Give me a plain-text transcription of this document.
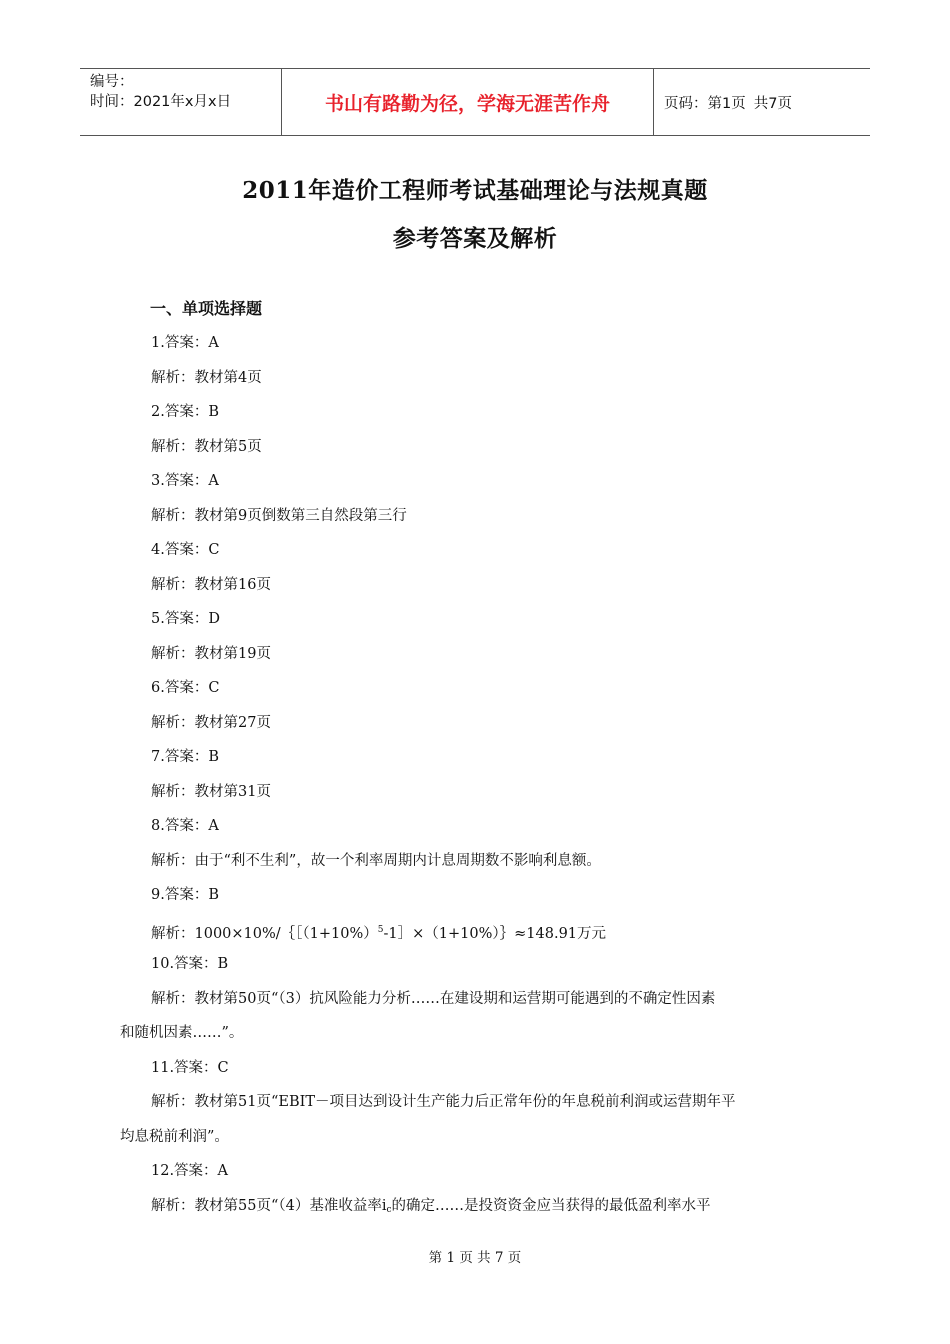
编号：
时间：2021年x月x日	书山有路勤为径，学海无涯苦作舟	页码：第1页 共7页
2011年造价工程师考试基础理论与法规真题
参考答案及解析
一、单项选择题
1.答案：A
解析：教材第4页
2.答案：B
解析：教材第5页
3.答案：A
解析：教材第9页倒数第三自然段第三行
4.答案：C
解析：教材第16页
5.答案：D
解析：教材第19页
6.答案：C
解析：教材第27页
7.答案：B
解析：教材第31页
8.答案：A
解析：由于“利不生利”，故一个利率周期内计息周期数不影响利息额。
9.答案：B
解析：$1000\times 10\%/\{[(1+10\%)^5-1]\times(1+10\%)\}\approx 148.91$万元
10.答案：B
解析：教材第50页“（3）抗风险能力分析……在建设期和运营期可能遇到的不确定性因素
和随机因素……”。
11.答案：C
解析：教材第51页“EBIT－项目达到设计生产能力后正常年份的年息税前利润或运营期年平
均息税前利润”。
12.答案：A
解析：教材第55页“（4）基准收益率$i_c$的确定……是投资资金应当获得的最低盈利率水平
第 1 页 共 7 页
